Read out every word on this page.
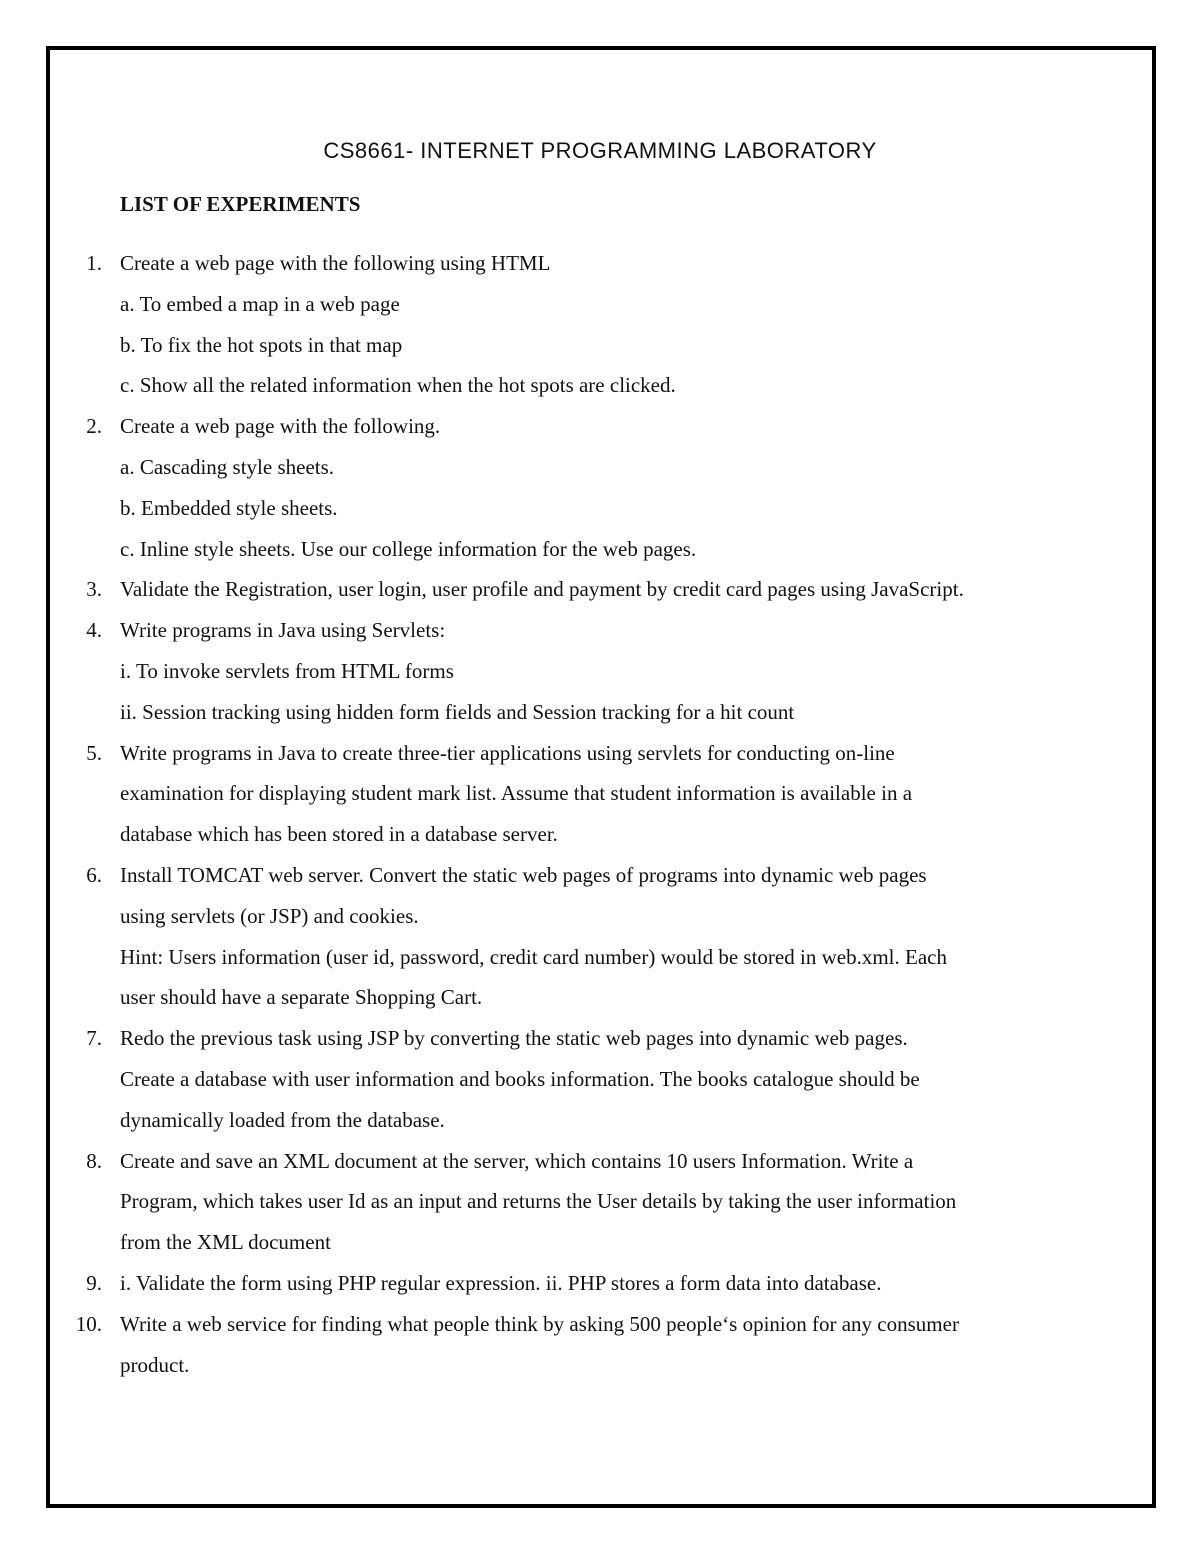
CS8661- INTERNET PROGRAMMING LABORATORY
LIST OF EXPERIMENTS
1. Create a web page with the following using HTML
a. To embed a map in a web page
b. To fix the hot spots in that map
c. Show all the related information when the hot spots are clicked.
2. Create a web page with the following.
a. Cascading style sheets.
b. Embedded style sheets.
c. Inline style sheets. Use our college information for the web pages.
3. Validate the Registration, user login, user profile and payment by credit card pages using JavaScript.
4. Write programs in Java using Servlets:
i. To invoke servlets from HTML forms
ii. Session tracking using hidden form fields and Session tracking for a hit count
5. Write programs in Java to create three-tier applications using servlets for conducting on-line
examination for displaying student mark list. Assume that student information is available in a
database which has been stored in a database server.
6. Install TOMCAT web server. Convert the static web pages of programs into dynamic web pages
using servlets (or JSP) and cookies.
Hint: Users information (user id, password, credit card number) would be stored in web.xml. Each
user should have a separate Shopping Cart.
7. Redo the previous task using JSP by converting the static web pages into dynamic web pages.
Create a database with user information and books information. The books catalogue should be
dynamically loaded from the database.
8. Create and save an XML document at the server, which contains 10 users Information. Write a
Program, which takes user Id as an input and returns the User details by taking the user information
from the XML document
9. i. Validate the form using PHP regular expression. ii. PHP stores a form data into database.
10. Write a web service for finding what people think by asking 500 people‘s opinion for any consumer
product.
